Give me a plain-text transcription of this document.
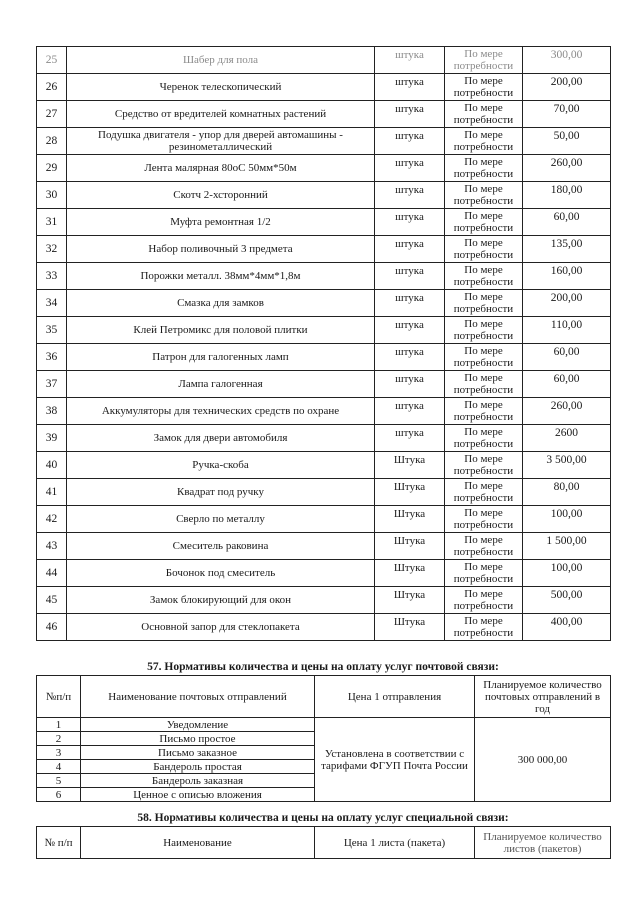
25	Шабер для пола	штука	По мере потребности	300,00
26	Черенок телескопический	штука	По мере потребности	200,00
27	Средство от вредителей комнатных растений	штука	По мере потребности	70,00
28	Подушка двигателя - упор для дверей автомашины - резинометаллический	штука	По мере потребности	50,00
29	Лента малярная 80оС 50мм*50м	штука	По мере потребности	260,00
30	Скотч 2-хсторонний	штука	По мере потребности	180,00
31	Муфта ремонтная 1/2	штука	По мере потребности	60,00
32	Набор поливочный 3 предмета	штука	По мере потребности	135,00
33	Порожки металл. 38мм*4мм*1,8м	штука	По мере потребности	160,00
34	Смазка для замков	штука	По мере потребности	200,00
35	Клей Петромикс для половой плитки	штука	По мере потребности	110,00
36	Патрон для галогенных ламп	штука	По мере потребности	60,00
37	Лампа галогенная	штука	По мере потребности	60,00
38	Аккумуляторы для технических средств по охране	штука	По мере потребности	260,00
39	Замок для двери автомобиля	штука	По мере потребности	2600
40	Ручка-скоба	Штука	По мере потребности	3 500,00
41	Квадрат под ручку	Штука	По мере потребности	80,00
42	Сверло по металлу	Штука	По мере потребности	100,00
43	Смеситель раковина	Штука	По мере потребности	1 500,00
44	Бочонок под смеситель	Штука	По мере потребности	100,00
45	Замок блокирующий для окон	Штука	По мере потребности	500,00
46	Основной запор для стеклопакета	Штука	По мере потребности	400,00
57. Нормативы количества и цены на оплату услуг почтовой связи:
№п/п	Наименование почтовых отправлений	Цена 1 отправления	Планируемое количество почтовых отправлений в год
1	Уведомление	Установлена в соответствии с тарифами ФГУП Почта России	300 000,00
2	Письмо простое		
3	Письмо заказное		
4	Бандероль простая		
5	Бандероль заказная		
6	Ценное с описью вложения		
58. Нормативы количества и цены на оплату услуг специальной связи:
№ п/п	Наименование	Цена 1 листа (пакета)	Планируемое количество листов (пакетов)
